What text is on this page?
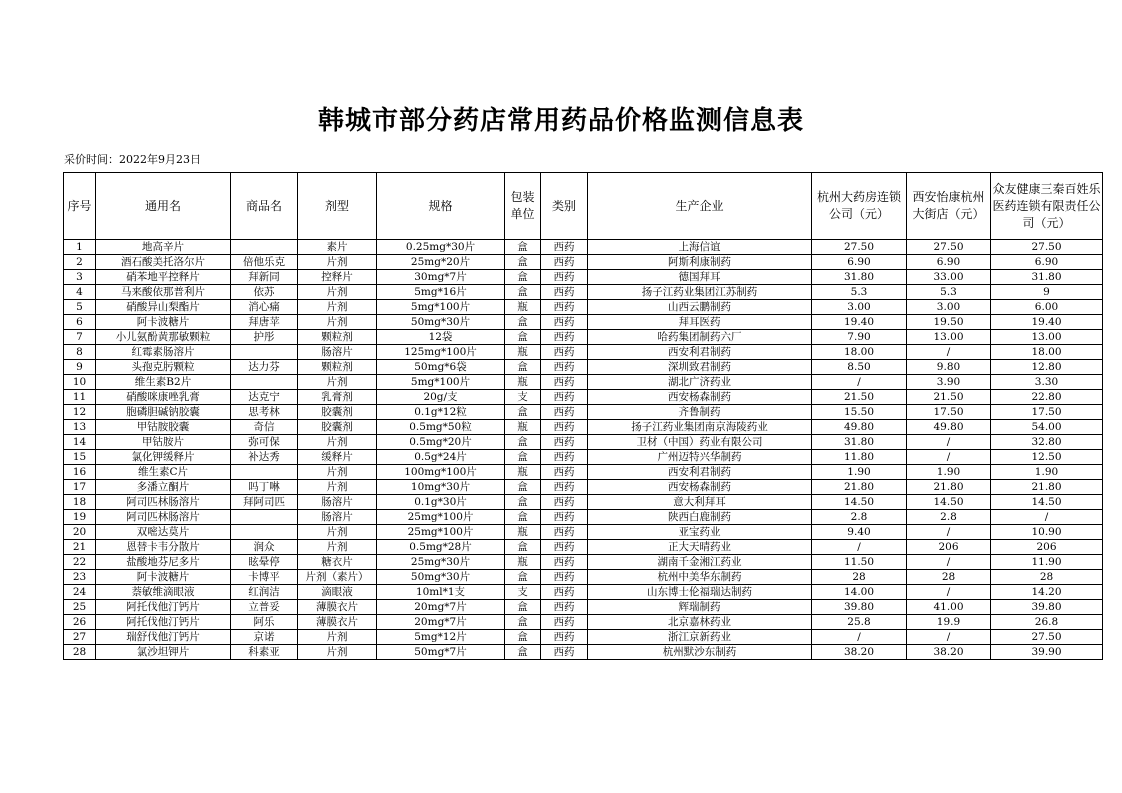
韩城市部分药店常用药品价格监测信息表
采价时间：2022年9月23日
序号	通用名	商品名	剂型	规格	包装单位	类别	生产企业	杭州大药房连锁公司（元）	西安怡康杭州大街店（元）	众友健康三秦百姓乐医药连锁有限责任公司（元）
1	地高辛片		素片	0.25mg*30片	盒	西药	上海信谊	27.50	27.50	27.50
2	酒石酸美托洛尔片	倍他乐克	片剂	25mg*20片	盒	西药	阿斯利康制药	6.90	6.90	6.90
3	硝苯地平控释片	拜新同	控释片	30mg*7片	盒	西药	德国拜耳	31.80	33.00	31.80
4	马来酸依那普利片	依苏	片剂	5mg*16片	盒	西药	扬子江药业集团江苏制药	5.3	5.3	9
5	硝酸异山梨酯片	消心痛	片剂	5mg*100片	瓶	西药	山西云鹏制药	3.00	3.00	6.00
6	阿卡波糖片	拜唐苹	片剂	50mg*30片	盒	西药	拜耳医药	19.40	19.50	19.40
7	小儿氨酚黄那敏颗粒	护彤	颗粒剂	12袋	盒	西药	哈药集团制药六厂	7.90	13.00	13.00
8	红霉素肠溶片		肠溶片	125mg*100片	瓶	西药	西安利君制药	18.00	/	18.00
9	头孢克肟颗粒	达力芬	颗粒剂	50mg*6袋	盒	西药	深圳致君制药	8.50	9.80	12.80
10	维生素B2片		片剂	5mg*100片	瓶	西药	湖北广济药业	/	3.90	3.30
11	硝酸咪康唑乳膏	达克宁	乳膏剂	20g/支	支	西药	西安杨森制药	21.50	21.50	22.80
12	胞磷胆碱钠胶囊	思考林	胶囊剂	0.1g*12粒	盒	西药	齐鲁制药	15.50	17.50	17.50
13	甲钴胺胶囊	奇信	胶囊剂	0.5mg*50粒	瓶	西药	扬子江药业集团南京海陵药业	49.80	49.80	54.00
14	甲钴胺片	弥可保	片剂	0.5mg*20片	盒	西药	卫材（中国）药业有限公司	31.80	/	32.80
15	氯化钾缓释片	补达秀	缓释片	0.5g*24片	盒	西药	广州迈特兴华制药	11.80	/	12.50
16	维生素C片		片剂	100mg*100片	瓶	西药	西安利君制药	1.90	1.90	1.90
17	多潘立酮片	吗丁啉	片剂	10mg*30片	盒	西药	西安杨森制药	21.80	21.80	21.80
18	阿司匹林肠溶片	拜阿司匹	肠溶片	0.1g*30片	盒	西药	意大利拜耳	14.50	14.50	14.50
19	阿司匹林肠溶片		肠溶片	25mg*100片	盒	西药	陕西白鹿制药	2.8	2.8	/
20	双嘧达莫片		片剂	25mg*100片	瓶	西药	亚宝药业	9.40	/	10.90
21	恩替卡韦分散片	润众	片剂	0.5mg*28片	盒	西药	正大天晴药业	/	206	206
22	盐酸地芬尼多片	眩晕停	糖衣片	25mg*30片	瓶	西药	湖南千金湘江药业	11.50	/	11.90
23	阿卡波糖片	卡博平	片剂（素片）	50mg*30片	盒	西药	杭州中美华东制药	28	28	28
24	萘敏维滴眼液	红润洁	滴眼液	10ml*1支	支	西药	山东博士伦福瑞达制药	14.00	/	14.20
25	阿托伐他汀钙片	立普妥	薄膜衣片	20mg*7片	盒	西药	辉瑞制药	39.80	41.00	39.80
26	阿托伐他汀钙片	阿乐	薄膜衣片	20mg*7片	盒	西药	北京嘉林药业	25.8	19.9	26.8
27	瑞舒伐他汀钙片	京诺	片剂	5mg*12片	盒	西药	浙江京新药业	/	/	27.50
28	氯沙坦钾片	科素亚	片剂	50mg*7片	盒	西药	杭州默沙东制药	38.20	38.20	39.90
